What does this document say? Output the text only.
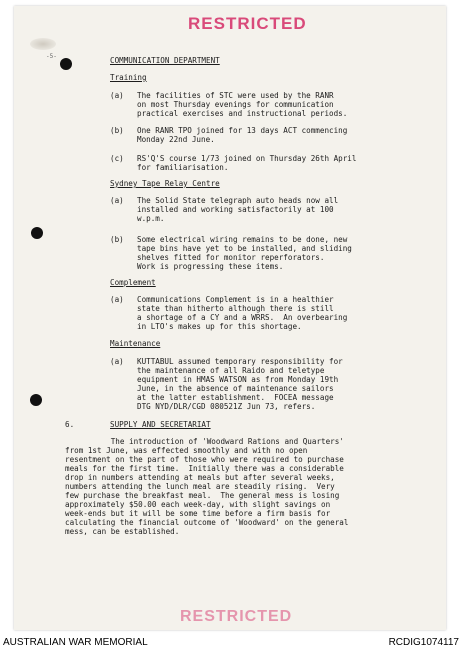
RESTRICTED
-5-	COMMUNICATION DEPARTMENT
Training
(a) The facilities of STC were used by the RANR
on most Thursday evenings for communication
practical exercises and instructional periods.
(b) One RANR TPO joined for 13 days ACT commencing
Monday 22nd June.
(c) RS'Q'S course 1/73 joined on Thursday 26th April
for familiarisation.
Sydney Tape Relay Centre
(a) The Solid State telegraph auto heads now all
installed and working satisfactorily at 100
w.p.m.
(b) Some electrical wiring remains to be done, new
tape bins have yet to be installed, and sliding
shelves fitted for monitor reperforators.
Work is progressing these items.
Complement
(a) Communications Complement is in a healthier
state than hitherto although there is still
a shortage of a CY and a WRRS.  An overbearing
in LTO's makes up for this shortage.
Maintenance
(a) KUTTABUL assumed temporary responsibility for
the maintenance of all Raido and teletype
equipment in HMAS WATSON as from Monday 19th
June, in the absence of maintenance sailors
at the latter establishment.  FOCEA message
DTG NYD/DLR/CGD 080521Z Jun 73, refers.
6.	SUPPLY AND SECRETARIAT
The introduction of 'Woodward Rations and Quarters'
from 1st June, was effected smoothly and with no open
resentment on the part of those who were required to purchase
meals for the first time.  Initially there was a considerable
drop in numbers attending at meals but after several weeks,
numbers attending the lunch meal are steadily rising.  Very
few purchase the breakfast meal.  The general mess is losing
approximately $50.00 each week-day, with slight savings on
week-ends but it will be some time before a firm basis for
calculating the financial outcome of 'Woodward' on the general
mess, can be established.
RESTRICTED
AUSTRALIAN WAR MEMORIAL	RCDIG1074117
